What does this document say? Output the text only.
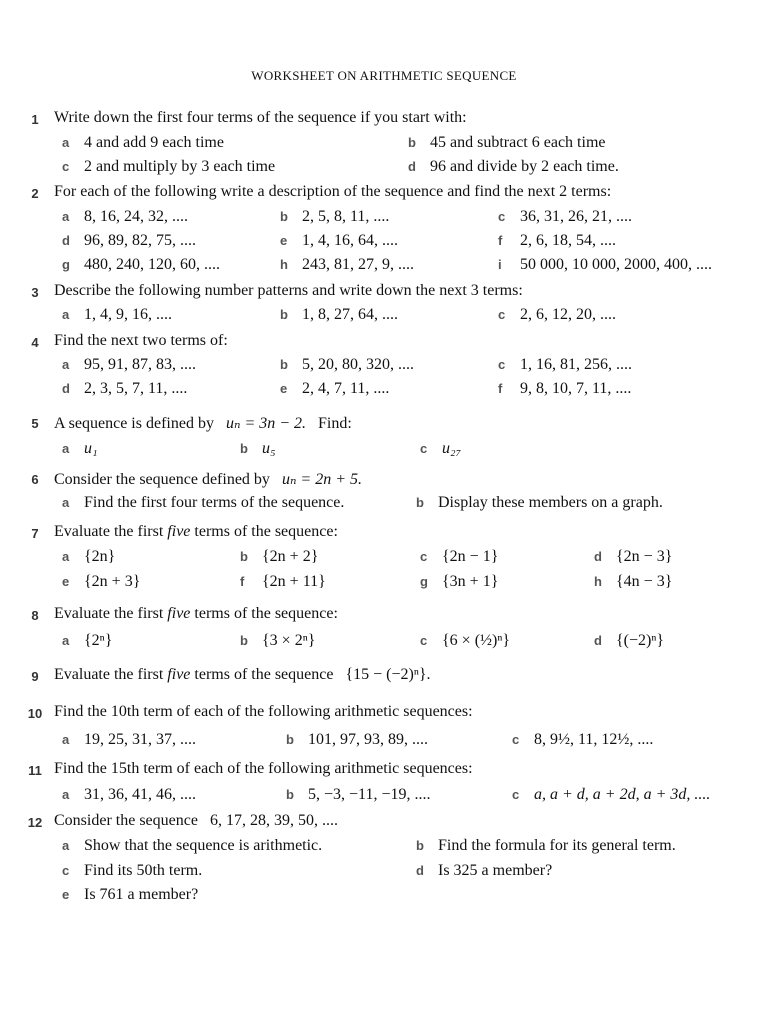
WORKSHEET ON ARITHMETIC SEQUENCE
1 Write down the first four terms of the sequence if you start with:
a 4 and add 9 each time	b 45 and subtract 6 each time
c 2 and multiply by 3 each time	d 96 and divide by 2 each time.
2 For each of the following write a description of the sequence and find the next 2 terms:
a 8, 16, 24, 32, ....	b 2, 5, 8, 11, ....	c 36, 31, 26, 21, ....
d 96, 89, 82, 75, ....	e 1, 4, 16, 64, ....	f 2, 6, 18, 54, ....
g 480, 240, 120, 60, ....	h 243, 81, 27, 9, ....	i 50 000, 10 000, 2000, 400, ....
3 Describe the following number patterns and write down the next 3 terms:
a 1, 4, 9, 16, ....	b 1, 8, 27, 64, ....	c 2, 6, 12, 20, ....
4 Find the next two terms of:
a 95, 91, 87, 83, ....	b 5, 20, 80, 320, ....	c 1, 16, 81, 256, ....
d 2, 3, 5, 7, 11, ....	e 2, 4, 7, 11, ....	f 9, 8, 10, 7, 11, ....
5 A sequence is defined by uₙ = 3n − 2. Find:
a u₁	b u₅	c u₂₇
6 Consider the sequence defined by uₙ = 2n + 5.
a Find the first four terms of the sequence.	b Display these members on a graph.
7 Evaluate the first five terms of the sequence:
a {2n}	b {2n + 2}	c {2n − 1}	d {2n − 3}
e {2n + 3}	f {2n + 11}	g {3n + 1}	h {4n − 3}
8 Evaluate the first five terms of the sequence:
a {2ⁿ}	b {3 × 2ⁿ}	c {6 × (½)ⁿ}	d {(−2)ⁿ}
9 Evaluate the first five terms of the sequence {15 − (−2)ⁿ}.
10 Find the 10th term of each of the following arithmetic sequences:
a 19, 25, 31, 37, ....	b 101, 97, 93, 89, ....	c 8, 9½, 11, 12½, ....
11 Find the 15th term of each of the following arithmetic sequences:
a 31, 36, 41, 46, ....	b 5, −3, −11, −19, ....	c a, a + d, a + 2d, a + 3d, ....
12 Consider the sequence 6, 17, 28, 39, 50, ....
a Show that the sequence is arithmetic.	b Find the formula for its general term.
c Find its 50th term.	d Is 325 a member?
e Is 761 a member?
